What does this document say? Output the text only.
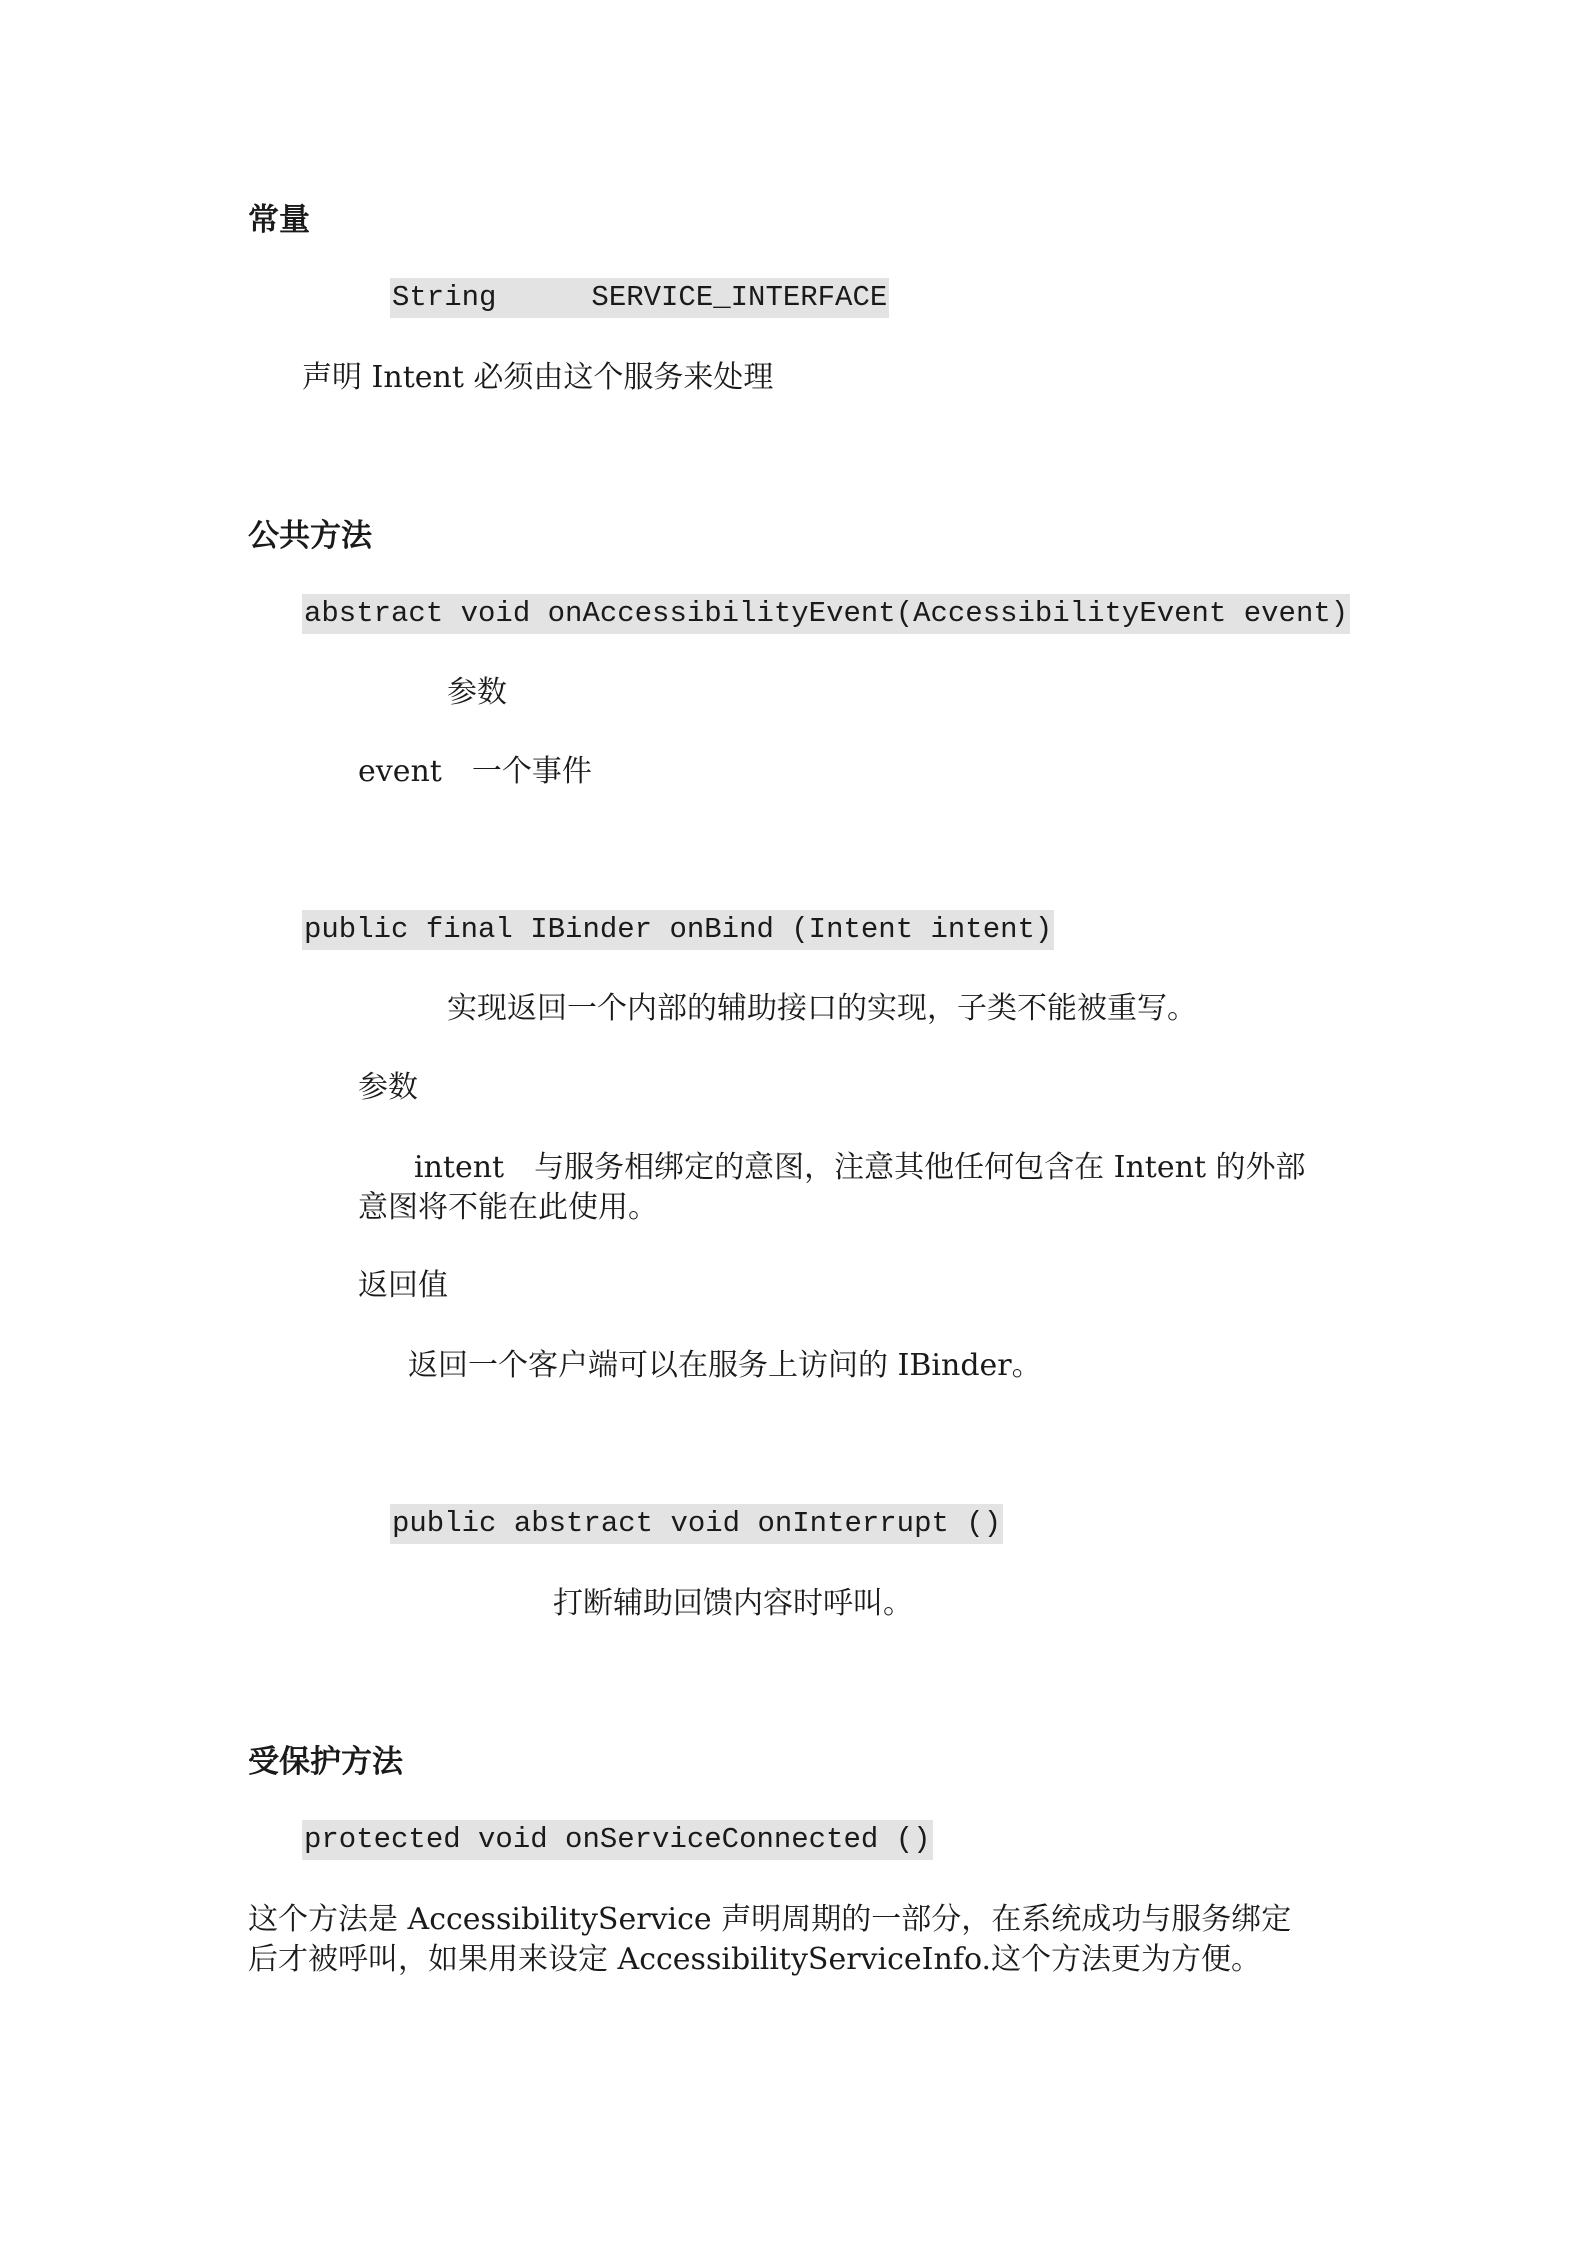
常量
String	SERVICE_INTERFACE
声明 Intent 必须由这个服务来处理
公共方法
abstract void onAccessibilityEvent(AccessibilityEvent event)
参数
event　一个事件
public final IBinder onBind (Intent intent)
实现返回一个内部的辅助接口的实现，子类不能被重写。
参数
intent　与服务相绑定的意图，注意其他任何包含在 Intent 的外部
意图将不能在此使用。
返回值
返回一个客户端可以在服务上访问的 IBinder。
public abstract void onInterrupt ()
打断辅助回馈内容时呼叫。
受保护方法
protected void onServiceConnected ()
这个方法是 AccessibilityService 声明周期的一部分，在系统成功与服务绑定
后才被呼叫，如果用来设定 AccessibilityServiceInfo.这个方法更为方便。
